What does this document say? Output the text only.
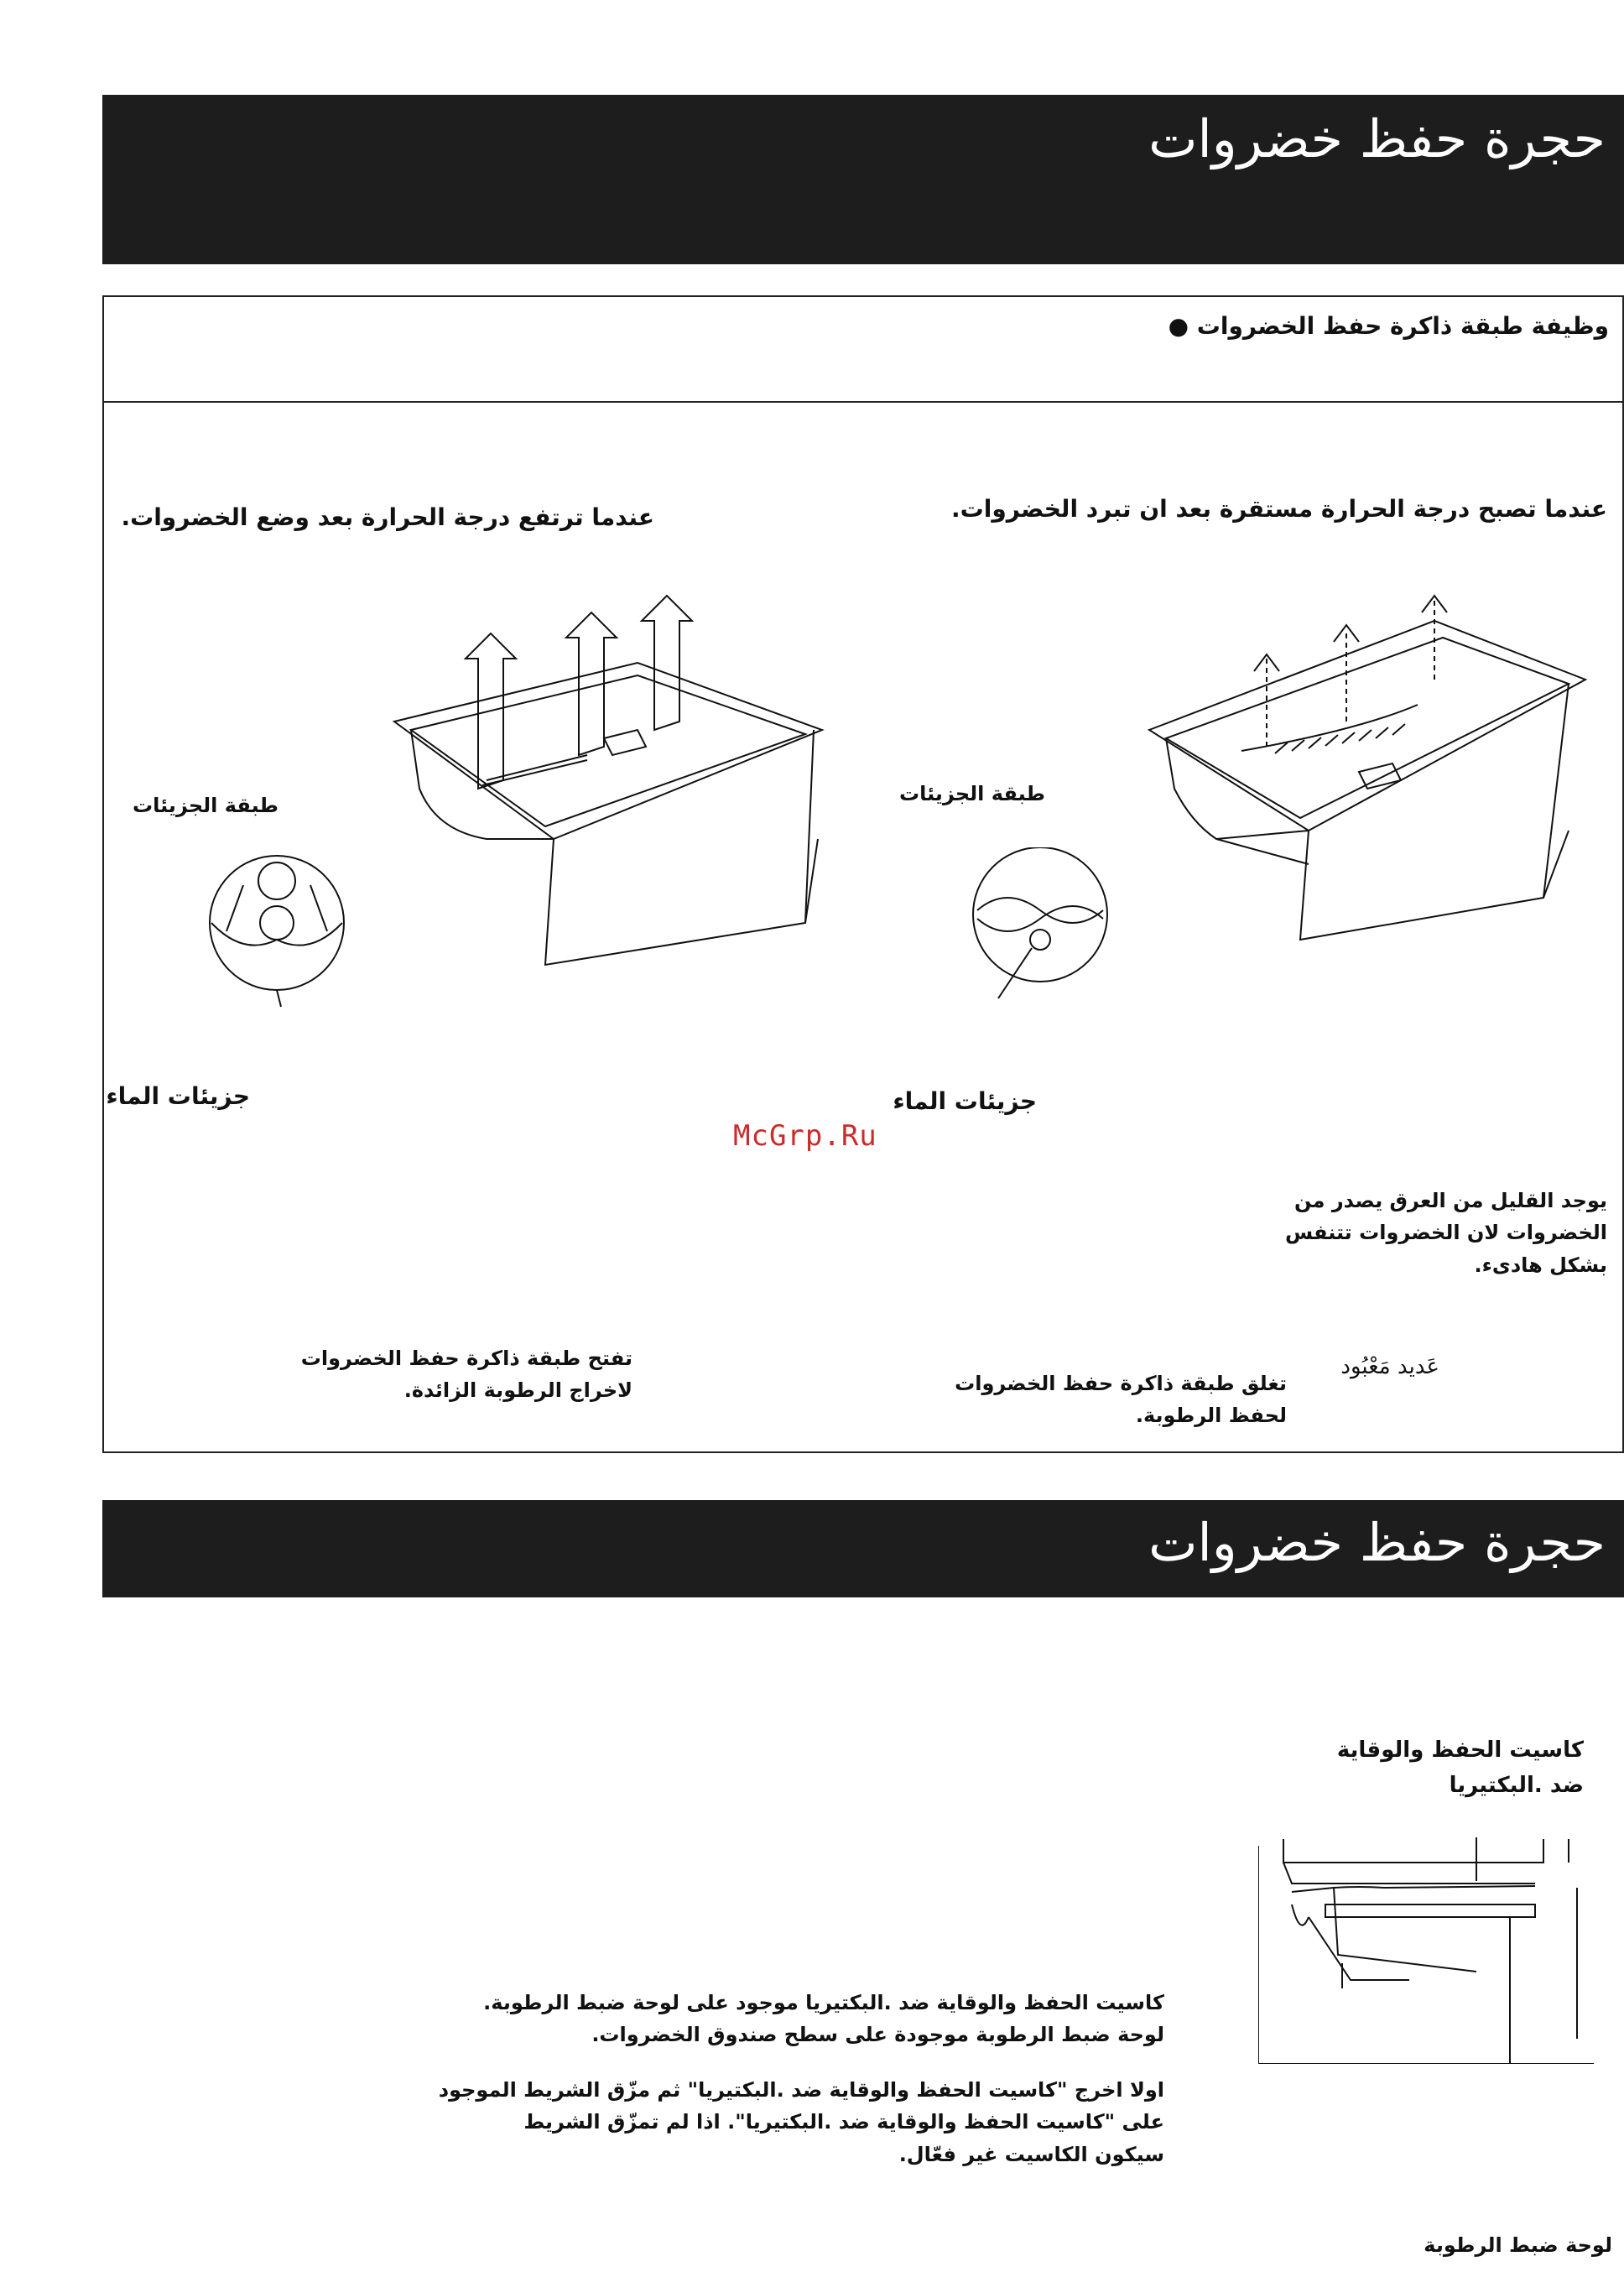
حجرة حفظ خضروات
وظيفة طبقة ذاكرة حفظ الخضروات ●
عندما تصبح درجة الحرارة مستقرة بعد ان تبرد الخضروات.
عندما ترتفع درجة الحرارة بعد وضع الخضروات.
طبقة الجزيئات
طبقة الجزيئات
جزيئات الماء
جزيئات الماء
McGrp.Ru
يوجد القليل من العرق يصدر من
الخضروات لان الخضروات تتنفس
بشكل هادىء.
عَديد مَعْبُود
تغلق طبقة ذاكرة حفظ الخضروات
لحفظ الرطوبة.
تفتح طبقة ذاكرة حفظ الخضروات
لاخراج الرطوبة الزائدة.
حجرة حفظ خضروات
كاسيت الحفظ والوقاية
ضد .البكتيريا
كاسيت الحفظ والوقاية ضد .البكتيريا موجود على لوحة ضبط الرطوبة.
لوحة ضبط الرطوبة موجودة على سطح صندوق الخضروات.
اولا اخرج "كاسيت الحفظ والوقاية ضد .البكتيريا" ثم مزّق الشريط الموجود
على "كاسيت الحفظ والوقاية ضد .البكتيريا". اذا لم تمزّق الشريط
سيكون الكاسيت غير فعّال.
لوحة ضبط الرطوبة
